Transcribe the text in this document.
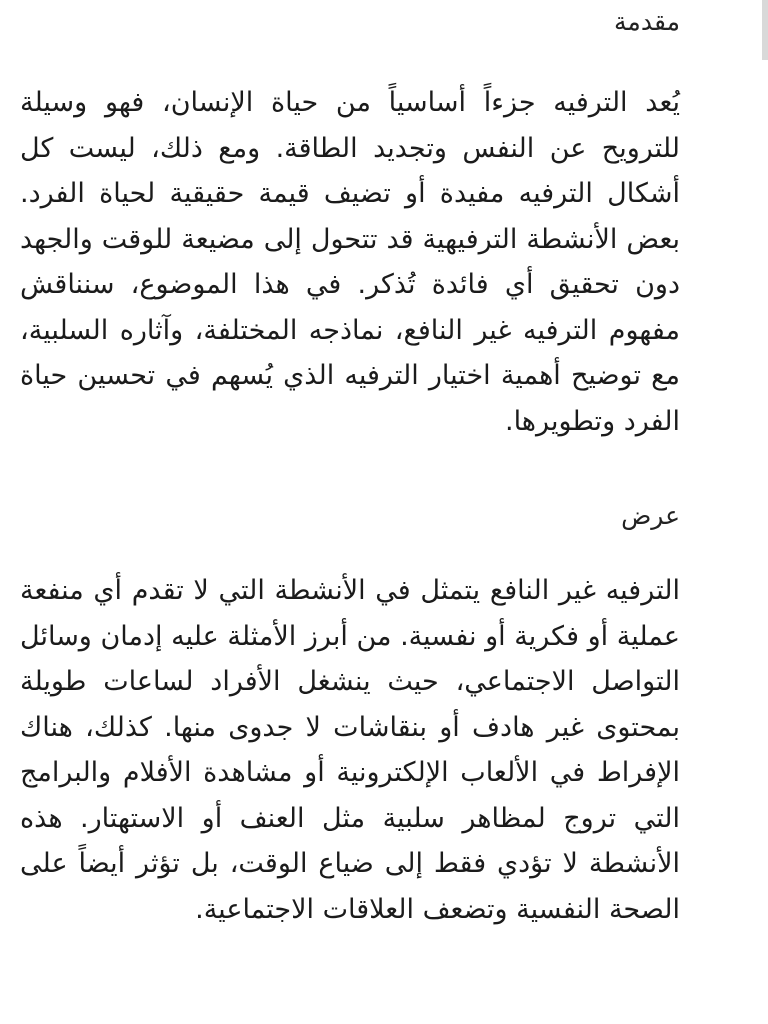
مقدمة

يُعد الترفيه جزءاً أساسياً من حياة الإنسان، فهو وسيلة للترويح عن النفس وتجديد الطاقة. ومع ذلك، ليست كل أشكال الترفيه مفيدة أو تضيف قيمة حقيقية لحياة الفرد. بعض الأنشطة الترفيهية قد تتحول إلى مضيعة للوقت والجهد دون تحقيق أي فائدة تُذكر. في هذا الموضوع، سنناقش مفهوم الترفيه غير النافع، نماذجه المختلفة، وآثاره السلبية، مع توضيح أهمية اختيار الترفيه الذي يُسهم في تحسين حياة الفرد وتطويرها.

عرض

الترفيه غير النافع يتمثل في الأنشطة التي لا تقدم أي منفعة عملية أو فكرية أو نفسية. من أبرز الأمثلة عليه إدمان وسائل التواصل الاجتماعي، حيث ينشغل الأفراد لساعات طويلة بمحتوى غير هادف أو بنقاشات لا جدوى منها. كذلك، هناك الإفراط في الألعاب الإلكترونية أو مشاهدة الأفلام والبرامج التي تروج لمظاهر سلبية مثل العنف أو الاستهتار. هذه الأنشطة لا تؤدي فقط إلى ضياع الوقت، بل تؤثر أيضاً على الصحة النفسية وتضعف العلاقات الاجتماعية.
